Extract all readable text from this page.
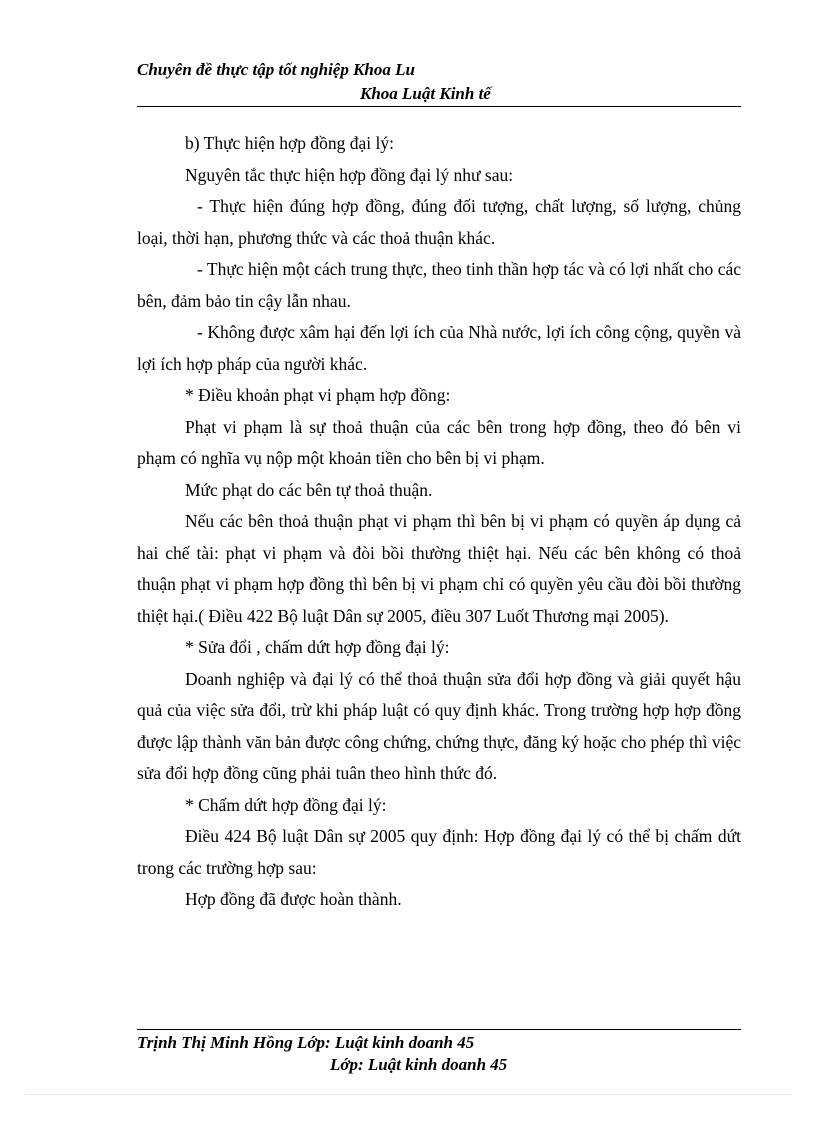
Chuyên đề thực tập tốt nghiệp Khoa Lu
Khoa Luật Kinh tế

b) Thực hiện hợp đồng đại lý:

Nguyên tắc thực hiện hợp đồng đại lý như sau:

- Thực hiện đúng hợp đồng, đúng đối tượng, chất lượng, số lượng, chủng loại, thời hạn, phương thức và các thoả thuận khác.

- Thực hiện một cách trung thực, theo tinh thần hợp tác và có lợi nhất cho các bên, đảm bảo tin cậy lẫn nhau.

- Không được xâm hại đến lợi ích của Nhà nước, lợi ích công cộng, quyền và lợi ích hợp pháp của người khác.

* Điều khoản phạt vi phạm hợp đồng:

Phạt vi phạm là sự thoả thuận của các bên trong hợp đồng, theo đó bên vi phạm có nghĩa vụ nộp một khoản tiền cho bên bị vi phạm.

Mức phạt do các bên tự thoả thuận.

Nếu các bên thoả thuận phạt vi phạm thì bên bị vi phạm có quyền áp dụng cả hai chế tài: phạt vi phạm và đòi bồi thường thiệt hại. Nếu các bên không có thoả thuận phạt vi phạm hợp đồng thì bên bị vi phạm chỉ có quyền yêu cầu đòi bồi thường thiệt hại.( Điều 422 Bộ luật Dân sự 2005, điều 307 Luốt Thương mại 2005).

* Sửa đổi , chấm dứt hợp đồng đại lý:

Doanh nghiệp và đại lý có thể thoả thuận sửa đổi hợp đồng và giải quyết hậu quả của việc sửa đổi, trừ khi pháp luật có quy định khác. Trong trường hợp hợp đồng được lập thành văn bản được công chứng, chứng thực, đăng ký hoặc cho phép thì việc sửa đổi hợp đồng cũng phải tuân theo hình thức đó.

* Chấm dứt hợp đồng đại lý:

Điều 424 Bộ luật Dân sự 2005 quy định: Hợp đồng đại lý có thể bị chấm dứt trong các trường hợp sau:

Hợp đồng đã được hoàn thành.

Trịnh Thị Minh Hồng Lớp: Luật kinh doanh 45
Lớp: Luật kinh doanh 45
